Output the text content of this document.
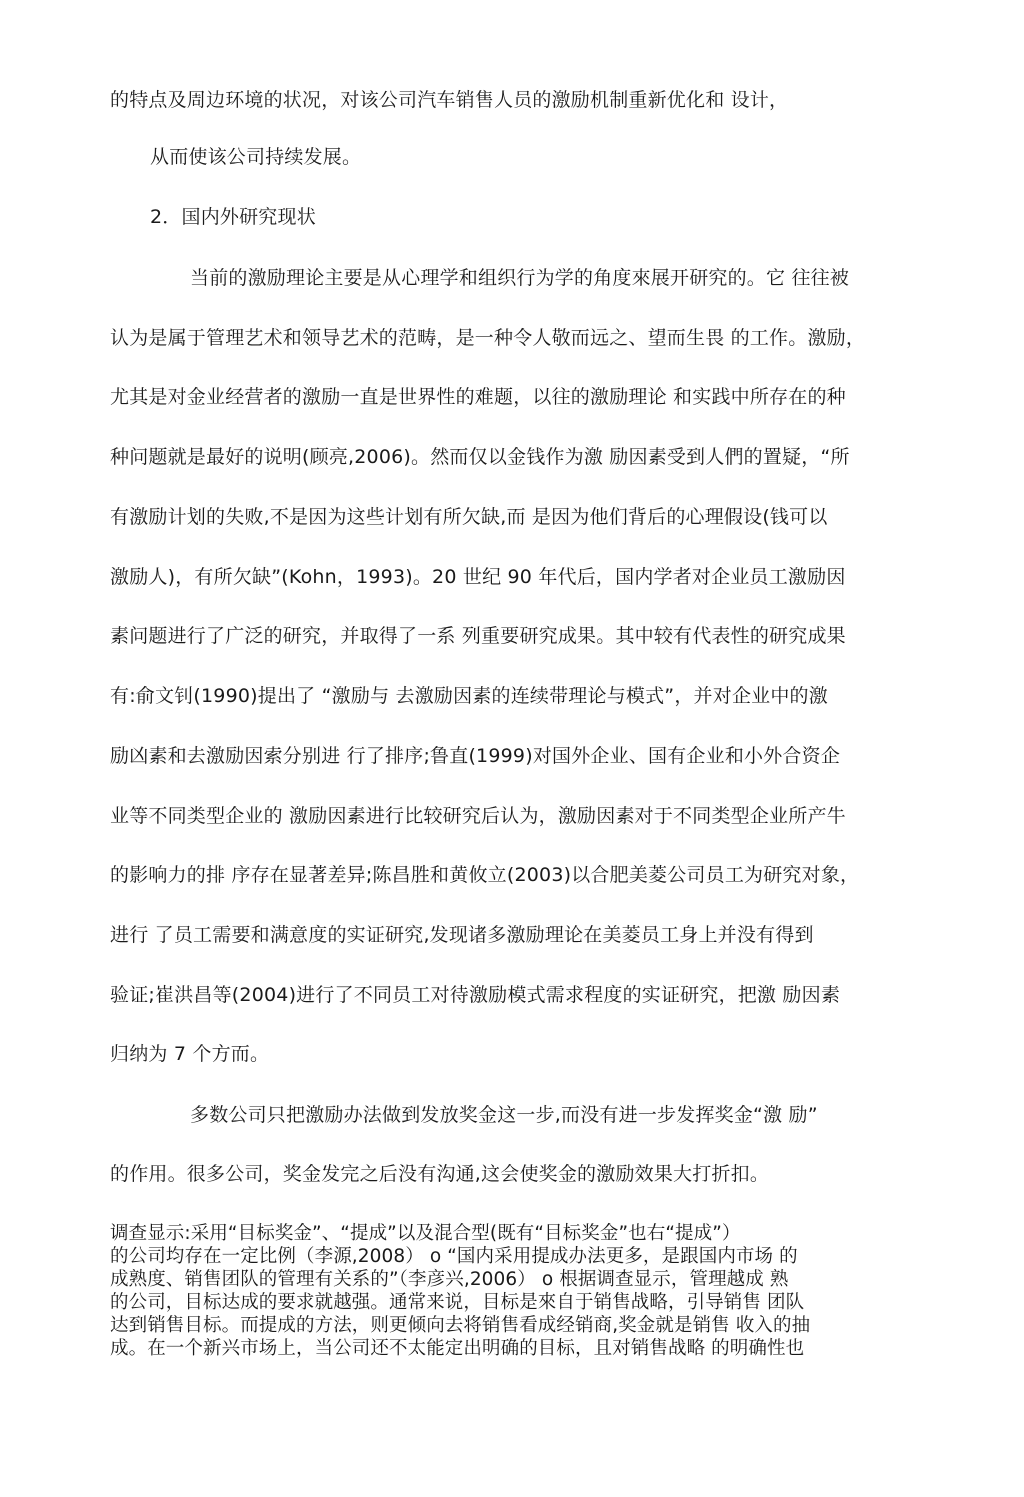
的特点及周边环境的状况，对该公司汽车销售人员的激励机制重新优化和 设计，
从而使该公司持续发展。
2．国内外研究现状
当前的激励理论主要是从心理学和组织行为学的角度來展开研究的。它 往往被
认为是属于管理艺术和领导艺术的范畴，是一种令人敬而远之、望而生畏 的工作。激励，
尤其是对金业经营者的激励一直是世界性的难题，以往的激励理论 和实践中所存在的种
种问题就是最好的说明(顾亮,2006)。然而仅以金钱作为激 励因素受到人們的置疑，“所
有激励计划的失败,不是因为这些计划有所欠缺,而 是因为他们背后的心理假设(钱可以
激励人)，有所欠缺”(Kohn，1993)。20 世纪 90 年代后，国内学者对企业员工激励因
素问题进行了广泛的研究，并取得了一系 列重要研究成果。其中较有代表性的研究成果
有:俞文钊(1990)提出了 “激励与 去激励因素的连续带理论与模式”，并对企业中的激
励凶素和去激励因索分别进 行了排序;鲁直(1999)对国外企业、国有企业和小外合资企
业等不同类型企业的 激励因素进行比较研究后认为，激励因素对于不同类型企业所产牛
的影响力的排 序存在显著差异;陈昌胜和黄攸立(2003)以合肥美菱公司员工为研究对象，
进行 了员工需要和满意度的实证研究,发现诸多激励理论在美菱员工身上并没有得到
验证;崔洪昌等(2004)进行了不同员工对待激励模式需求程度的实证研究，把激 励因素
归纳为 7 个方而。
多数公司只把激励办法做到发放奖金这一步,而没有进一步发挥奖金“激 励”
的作用。很多公司，奖金发完之后没有沟通,这会使奖金的激励效果大打折扣。
调查显示:采用“目标奖金”、“提成”以及混合型(既有“目标奖金”也右“提成”）
的公司均存在一定比例（李源,2008） o “国内采用提成办法更多，是跟国内市场 的
成熟度、销售团队的管理有关系的”（李彦兴,2006） o 根据调查显示，管理越成 熟
的公司，目标达成的要求就越强。通常来说，目标是來自于销售战略，引导销售 团队
达到销售目标。而提成的方法，则更倾向去将销售看成经销商,奖金就是销售 收入的抽
成。在一个新兴市场上，当公司还不太能定出明确的目标，且对销售战略 的明确性也
